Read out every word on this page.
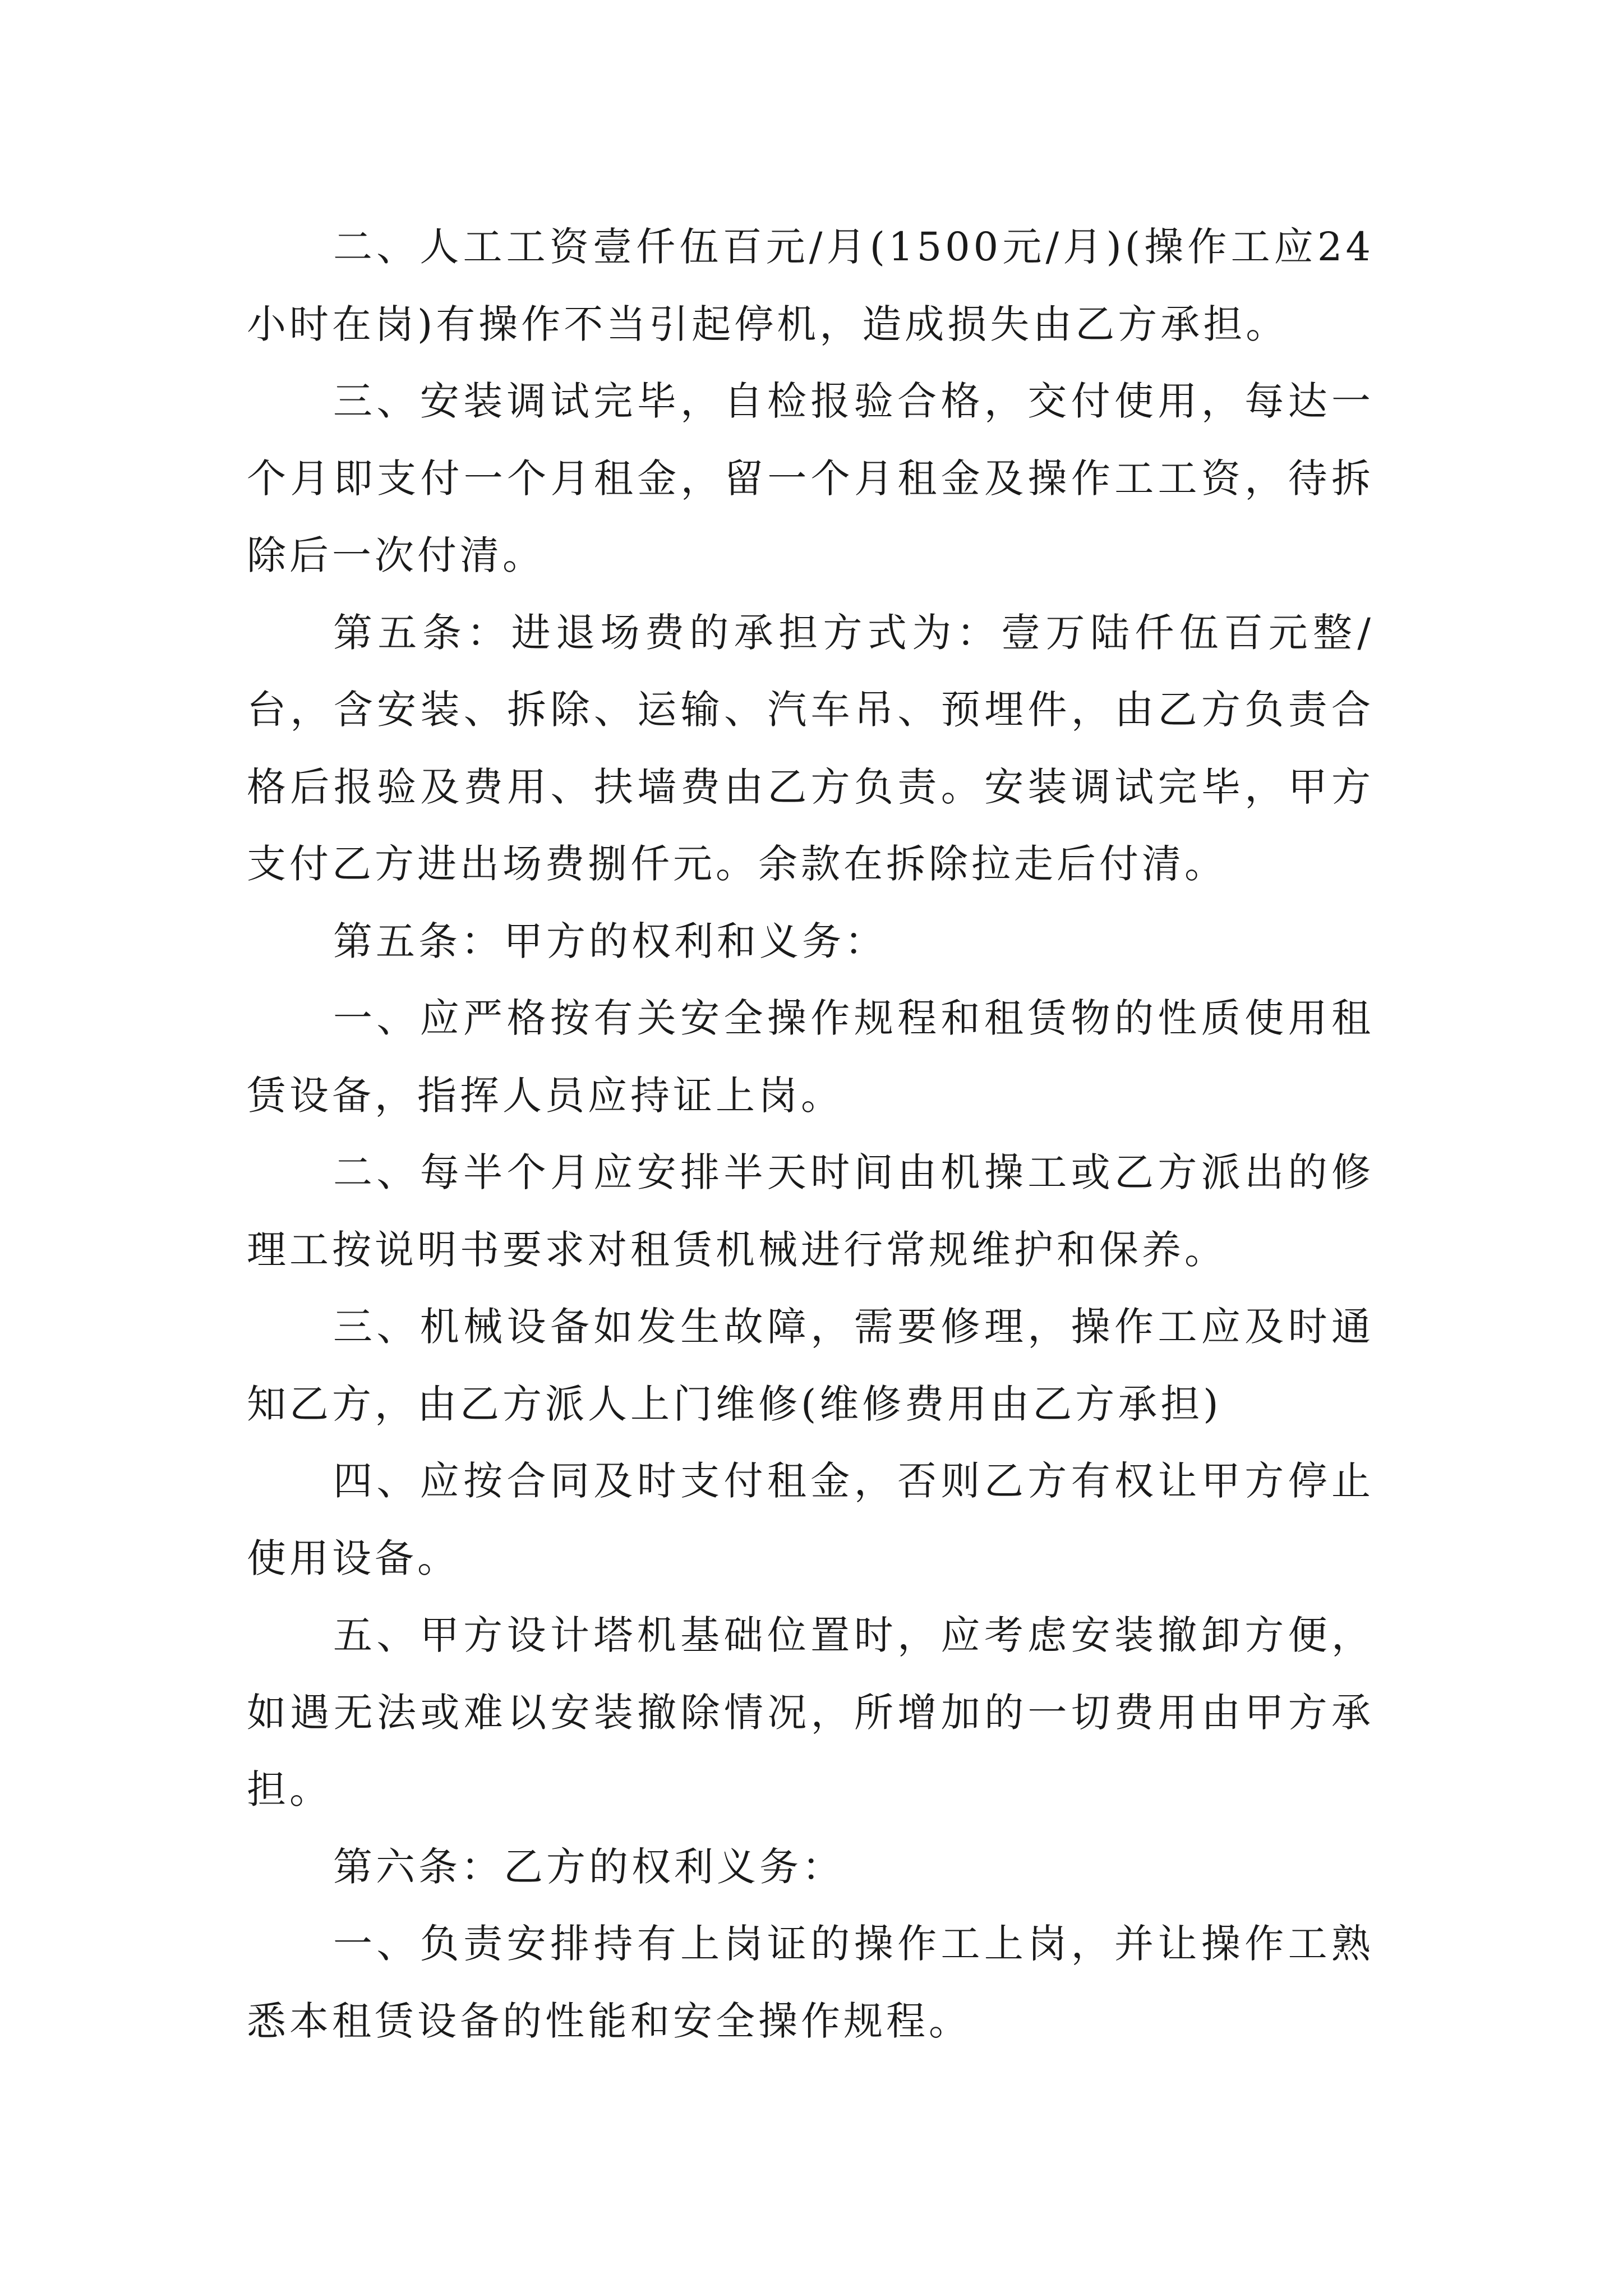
二、人工工资壹仟伍百元/月(1500元/月)(操作工应24小时在岗)有操作不当引起停机，造成损失由乙方承担。

三、安装调试完毕，自检报验合格，交付使用，每达一个月即支付一个月租金，留一个月租金及操作工工资，待拆除后一次付清。

第五条：进退场费的承担方式为：壹万陆仟伍百元整/台，含安装、拆除、运输、汽车吊、预埋件，由乙方负责合格后报验及费用、扶墙费由乙方负责。安装调试完毕，甲方支付乙方进出场费捌仟元。余款在拆除拉走后付清。

第五条：甲方的权利和义务：

一、应严格按有关安全操作规程和租赁物的性质使用租赁设备，指挥人员应持证上岗。

二、每半个月应安排半天时间由机操工或乙方派出的修理工按说明书要求对租赁机械进行常规维护和保养。

三、机械设备如发生故障，需要修理，操作工应及时通知乙方，由乙方派人上门维修(维修费用由乙方承担)

四、应按合同及时支付租金，否则乙方有权让甲方停止使用设备。

五、甲方设计塔机基础位置时，应考虑安装撤卸方便，如遇无法或难以安装撤除情况，所增加的一切费用由甲方承担。

第六条：乙方的权利义务：

一、负责安排持有上岗证的操作工上岗，并让操作工熟悉本租赁设备的性能和安全操作规程。
